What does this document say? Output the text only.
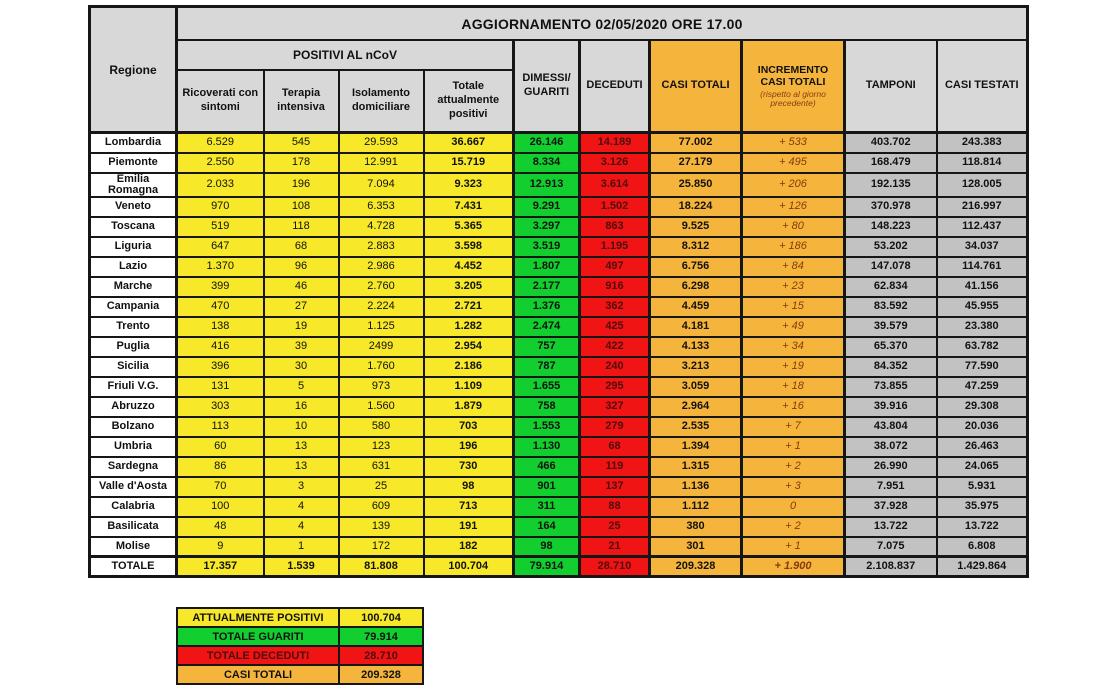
Regione	AGGIORNAMENTO 02/05/2020 ORE 17.00									
	POSITIVI AL nCoV				DIMESSI/ GUARITI	DECEDUTI	CASI TOTALI	INCREMENTO
CASI TOTALI
(rispetto al giorno precedente)	TAMPONI	CASI TESTATI
	Ricoverati con sintomi	Terapia intensiva	Isolamento domiciliare	Totale attualmente positivi						
Lombardia	6.529	545	29.593	36.667	26.146	14.189	77.002	+ 533	403.702	243.383
Piemonte	2.550	178	12.991	15.719	8.334	3.126	27.179	+ 495	168.479	118.814
Emilia Romagna	2.033	196	7.094	9.323	12.913	3.614	25.850	+ 206	192.135	128.005
Veneto	970	108	6.353	7.431	9.291	1.502	18.224	+ 126	370.978	216.997
Toscana	519	118	4.728	5.365	3.297	863	9.525	+ 80	148.223	112.437
Liguria	647	68	2.883	3.598	3.519	1.195	8.312	+ 186	53.202	34.037
Lazio	1.370	96	2.986	4.452	1.807	497	6.756	+ 84	147.078	114.761
Marche	399	46	2.760	3.205	2.177	916	6.298	+ 23	62.834	41.156
Campania	470	27	2.224	2.721	1.376	362	4.459	+ 15	83.592	45.955
Trento	138	19	1.125	1.282	2.474	425	4.181	+ 49	39.579	23.380
Puglia	416	39	2499	2.954	757	422	4.133	+ 34	65.370	63.782
Sicilia	396	30	1.760	2.186	787	240	3.213	+ 19	84.352	77.590
Friuli V.G.	131	5	973	1.109	1.655	295	3.059	+ 18	73.855	47.259
Abruzzo	303	16	1.560	1.879	758	327	2.964	+ 16	39.916	29.308
Bolzano	113	10	580	703	1.553	279	2.535	+ 7	43.804	20.036
Umbria	60	13	123	196	1.130	68	1.394	+ 1	38.072	26.463
Sardegna	86	13	631	730	466	119	1.315	+ 2	26.990	24.065
Valle d'Aosta	70	3	25	98	901	137	1.136	+ 3	7.951	5.931
Calabria	100	4	609	713	311	88	1.112	0	37.928	35.975
Basilicata	48	4	139	191	164	25	380	+ 2	13.722	13.722
Molise	9	1	172	182	98	21	301	+ 1	7.075	6.808
TOTALE	17.357	1.539	81.808	100.704	79.914	28.710	209.328	+ 1.900	2.108.837	1.429.864
ATTUALMENTE POSITIVI	100.704
TOTALE GUARITI	79.914
TOTALE DECEDUTI	28.710
CASI TOTALI	209.328
